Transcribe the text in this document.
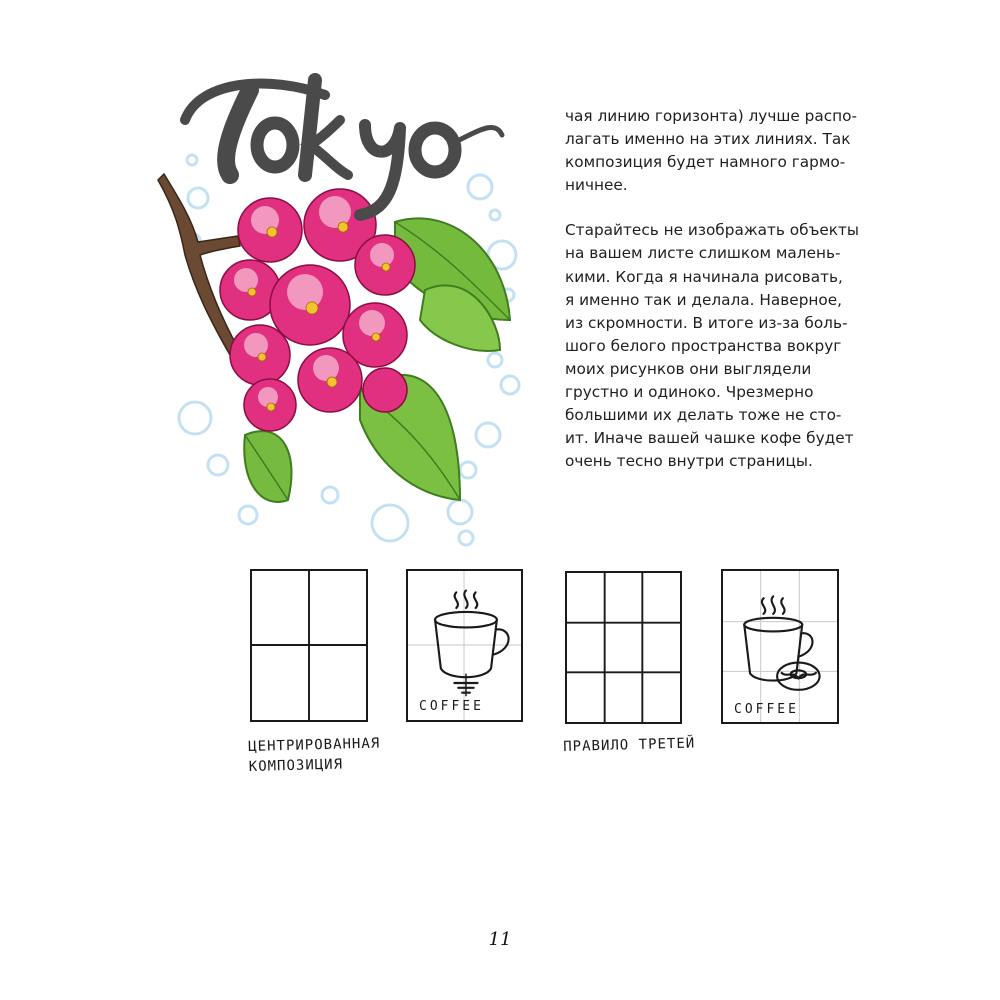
чая линию горизонта) лучше распо-
лагать именно на этих линиях. Так
композиция будет намного гармо-
ничнее.

Старайтесь не изображать объекты
на вашем листе слишком малень-
кими. Когда я начинала рисовать,
я именно так и делала. Наверное,
из скромности. В итоге из-за боль-
шого белого пространства вокруг
моих рисунков они выглядели
грустно и одиноко. Чрезмерно
большими их делать тоже не сто-
ит. Иначе вашей чашке кофе будет
очень тесно внутри страницы.

COFFEE	COFFEE
ЦЕНТРИРОВАННАЯ
КОМПОЗИЦИЯ
ПРАВИЛО ТРЕТЕЙ
11
